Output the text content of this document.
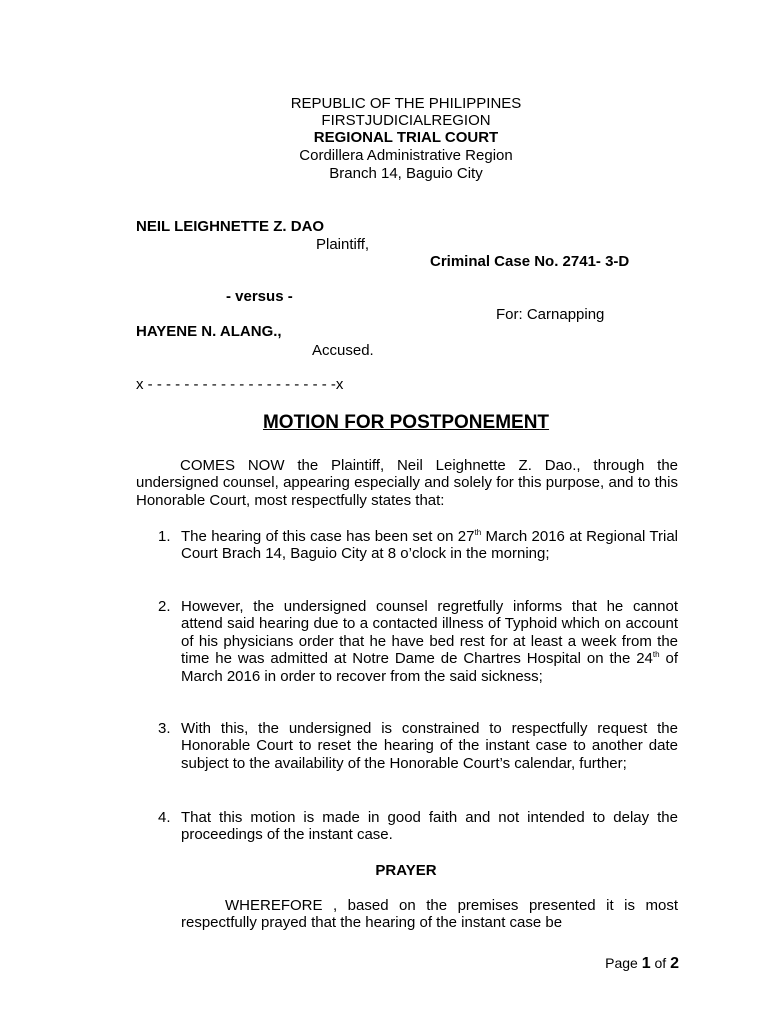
REPUBLIC OF THE PHILIPPINES
FIRSTJUDICIALREGION
REGIONAL TRIAL COURT
Cordillera Administrative Region
Branch 14, Baguio City
NEIL LEIGHNETTE Z. DAO
Plaintiff,
Criminal Case No. 2741- 3-D
- versus -
For: Carnapping
HAYENE N. ALANG.,
Accused.
x - - - - - - - - - - - - - - - - - - - - -x
MOTION FOR POSTPONEMENT
COMES NOW the Plaintiff, Neil Leighnette Z. Dao., through the undersigned counsel, appearing especially and solely for this purpose, and to this Honorable Court, most respectfully states that:
1. The hearing of this case has been set on 27th March 2016 at Regional Trial Court Brach 14, Baguio City at 8 o’clock in the morning;
2. However, the undersigned counsel regretfully informs that he cannot attend said hearing due to a contacted illness of Typhoid which on account of his physicians order that he have bed rest for at least a week from the time he was admitted at Notre Dame de Chartres Hospital on the 24th of March 2016 in order to recover from the said sickness;
3. With this, the undersigned is constrained to respectfully request the Honorable Court to reset the hearing of the instant case to another date subject to the availability of the Honorable Court’s calendar, further;
4. That this motion is made in good faith and not intended to delay the proceedings of the instant case.
PRAYER
WHEREFORE , based on the premises presented it is most respectfully prayed that the hearing of the instant case be
Page 1 of 2
